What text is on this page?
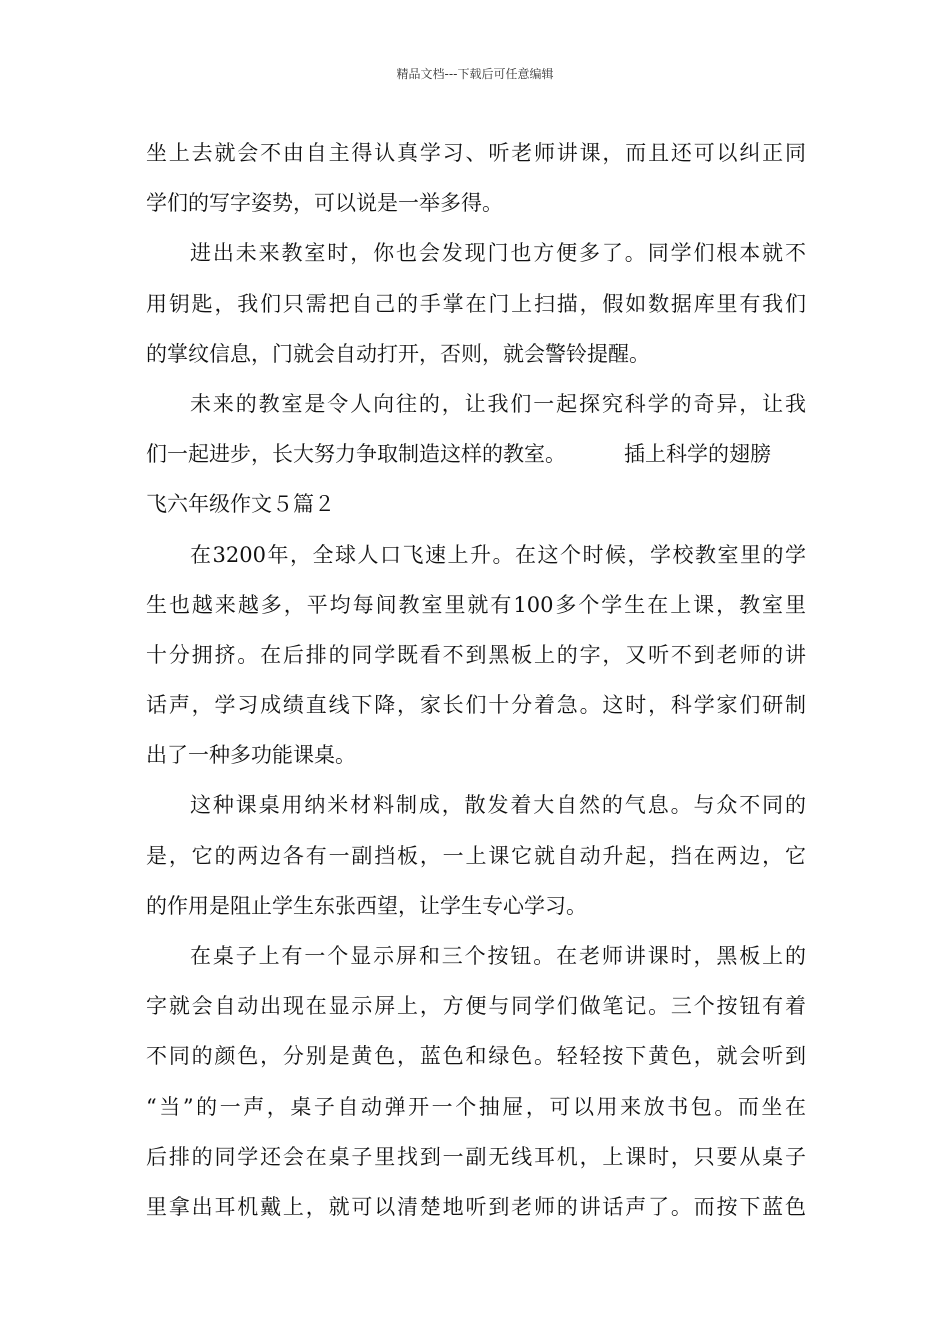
精品文档---下载后可任意编辑
坐上去就会不由自主得认真学习、听老师讲课，而且还可以纠正同
学们的写字姿势，可以说是一举多得。
进出未来教室时，你也会发现门也方便多了。同学们根本就不
用钥匙，我们只需把自己的手掌在门上扫描，假如数据库里有我们
的掌纹信息，门就会自动打开，否则，就会警铃提醒。
未来的教室是令人向往的，让我们一起探究科学的奇异，让我
们一起进步，长大努力争取制造这样的教室。	插上科学的翅膀
飞六年级作文５篇２
在3200年，全球人口飞速上升。在这个时候，学校教室里的学
生也越来越多，平均每间教室里就有100多个学生在上课，教室里
十分拥挤。在后排的同学既看不到黑板上的字，又听不到老师的讲
话声，学习成绩直线下降，家长们十分着急。这时，科学家们研制
出了一种多功能课桌。
这种课桌用纳米材料制成，散发着大自然的气息。与众不同的
是，它的两边各有一副挡板，一上课它就自动升起，挡在两边，它
的作用是阻止学生东张西望，让学生专心学习。
在桌子上有一个显示屏和三个按钮。在老师讲课时，黑板上的
字就会自动出现在显示屏上，方便与同学们做笔记。三个按钮有着
不同的颜色，分别是黄色，蓝色和绿色。轻轻按下黄色，就会听到
“当”的一声，桌子自动弹开一个抽屉，可以用来放书包。而坐在
后排的同学还会在桌子里找到一副无线耳机，上课时，只要从桌子
里拿出耳机戴上，就可以清楚地听到老师的讲话声了。而按下蓝色
